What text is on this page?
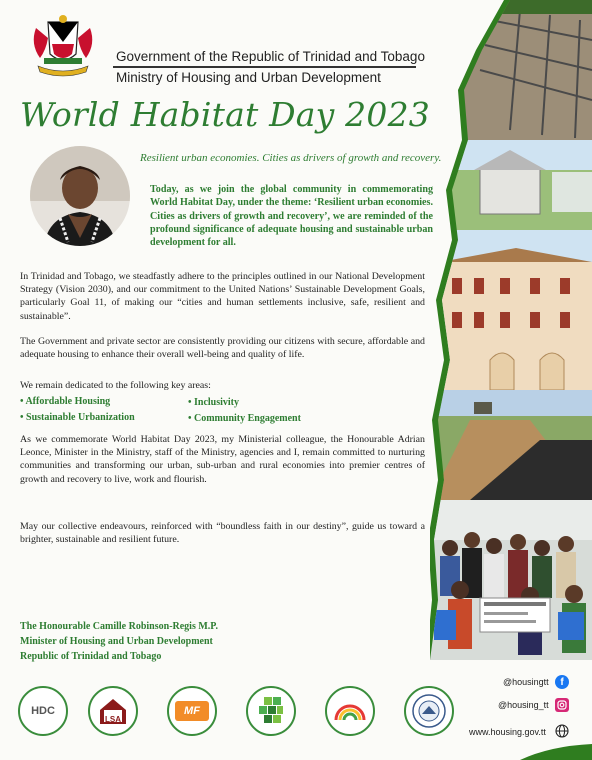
Government of the Republic of Trinidad and Tobago
Ministry of Housing and Urban Development
World Habitat Day 2023
Resilient urban economies. Cities as drivers of growth and recovery.
Today, as we join the global community in commemorating World Habitat Day, under the theme: ‘Resilient urban economies. Cities as drivers of growth and recovery’, we are reminded of the profound significance of adequate housing and sustainable urban development for all.
In Trinidad and Tobago, we steadfastly adhere to the principles outlined in our National Development Strategy (Vision 2030), and our commitment to the United Nations’ Sustainable Development Goals, particularly Goal 11, of making our “cities and human settlements inclusive, safe, resilient and sustainable”.
The Government and private sector are consistently providing our citizens with secure, affordable and adequate housing to enhance their overall well-being and quality of life.
We remain dedicated to the following key areas:
• Affordable Housing	• Inclusivity
• Sustainable Urbanization	• Community Engagement
As we commemorate World Habitat Day 2023, my Ministerial colleague, the Honourable Adrian Leonce, Minister in the Ministry, staff of the Ministry, agencies and I, remain committed to nurturing communities and transforming our urban, sub-urban and rural economies into premier centres of growth and recovery to live, work and flourish.
May our collective endeavours, reinforced with “boundless faith in our destiny”, guide us toward a brighter, sustainable and resilient future.
The Honourable Camille Robinson-Regis M.P.
Minister of Housing and Urban Development
Republic of Trinidad and Tobago
HDC
LSA
MF
@housingtt	f
@housing_tt
www.housing.gov.tt
